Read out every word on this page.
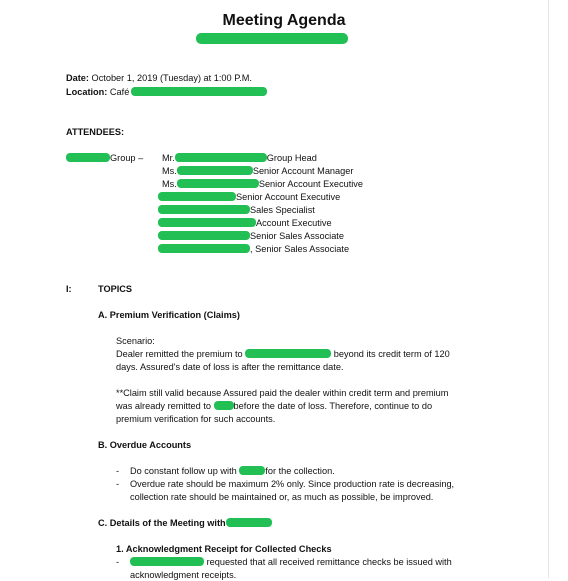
Meeting Agenda
Date: October 1, 2019 (Tuesday) at 1:00 P.M.
Location: Café
ATTENDEES:
Group – Mr.	Group Head
Ms.	Senior Account Manager
Ms.	Senior Account Executive
Senior Account Executive
Sales Specialist
Account Executive
Senior Sales Associate
, Senior Sales Associate
I:	TOPICS
A. Premium Verification (Claims)
Scenario:
Dealer remitted the premium to	beyond its credit term of 120
days. Assured's date of loss is after the remittance date.
**Claim still valid because Assured paid the dealer within credit term and premium
was already remitted to before the date of loss. Therefore, continue to do
premium verification for such accounts.
B. Overdue Accounts
- Do constant follow up with	for the collection.
- Overdue rate should be maximum 2% only. Since production rate is decreasing,
collection rate should be maintained or, as much as possible, be improved.
C. Details of the Meeting with
1. Acknowledgment Receipt for Collected Checks
-	requested that all received remittance checks be issued with
acknowledgment receipts.
